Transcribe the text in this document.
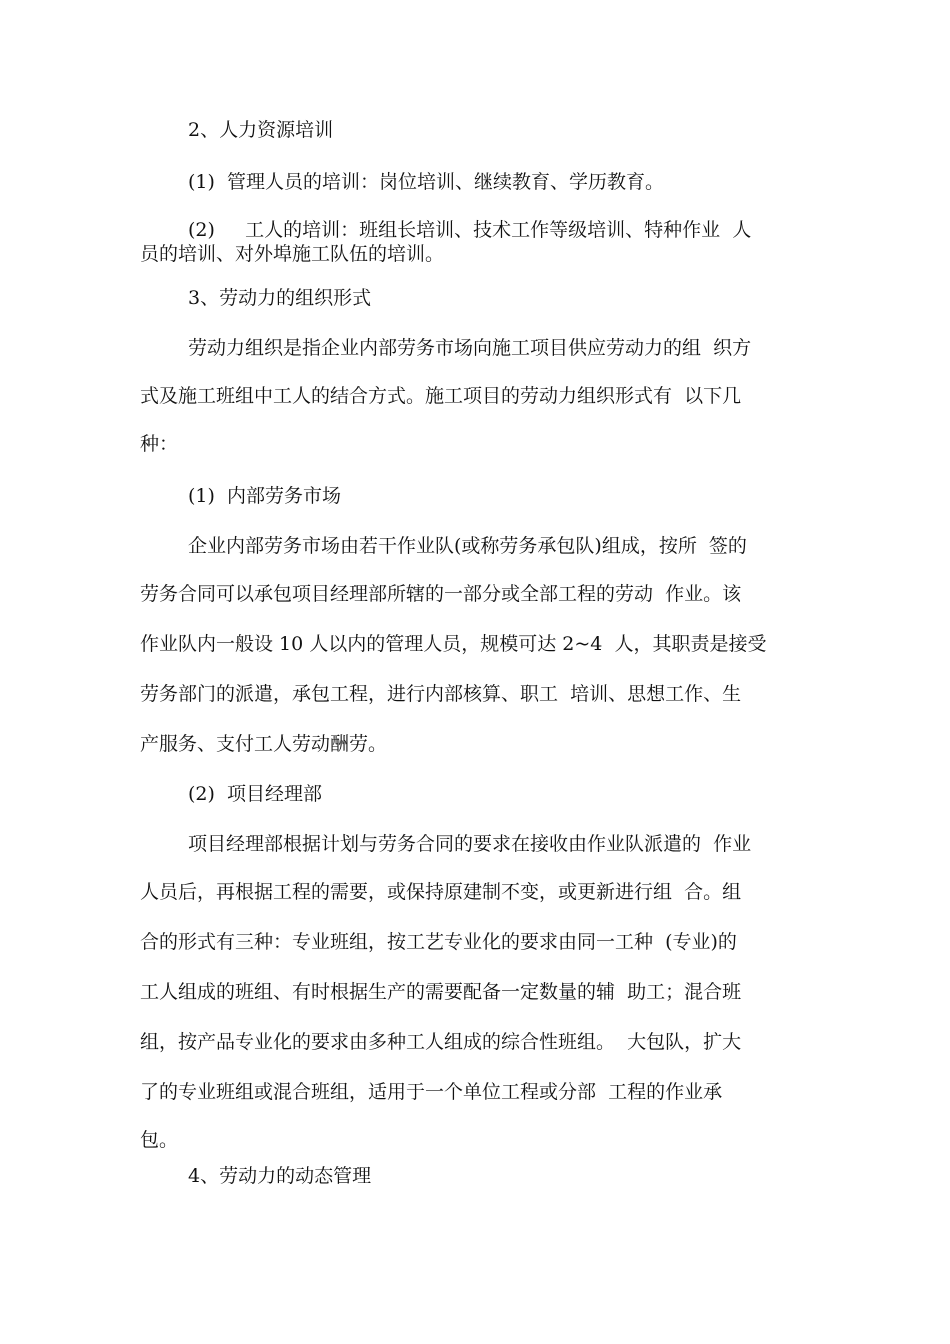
2、人力资源培训
(1)  管理人员的培训：岗位培训、继续教育、学历教育。
(2)     工人的培训：班组长培训、技术工作等级培训、特种作业  人
员的培训、对外埠施工队伍的培训。
3、劳动力的组织形式
劳动力组织是指企业内部劳务市场向施工项目供应劳动力的组  织方
式及施工班组中工人的结合方式。施工项目的劳动力组织形式有  以下几
种：
(1)  内部劳务市场
企业内部劳务市场由若干作业队(或称劳务承包队)组成，按所  签的
劳务合同可以承包项目经理部所辖的一部分或全部工程的劳动  作业。该
作业队内一般设 10 人以内的管理人员，规模可达 2~4  人，其职责是接受
劳务部门的派遣，承包工程，进行内部核算、职工  培训、思想工作、生
产服务、支付工人劳动酬劳。
(2)  项目经理部
项目经理部根据计划与劳务合同的要求在接收由作业队派遣的  作业
人员后，再根据工程的需要，或保持原建制不变，或更新进行组  合。组
合的形式有三种：专业班组，按工艺专业化的要求由同一工种  (专业)的
工人组成的班组、有时根据生产的需要配备一定数量的辅  助工；混合班
组，按产品专业化的要求由多种工人组成的综合性班组。  大包队，扩大
了的专业班组或混合班组，适用于一个单位工程或分部  工程的作业承
包。
4、劳动力的动态管理
